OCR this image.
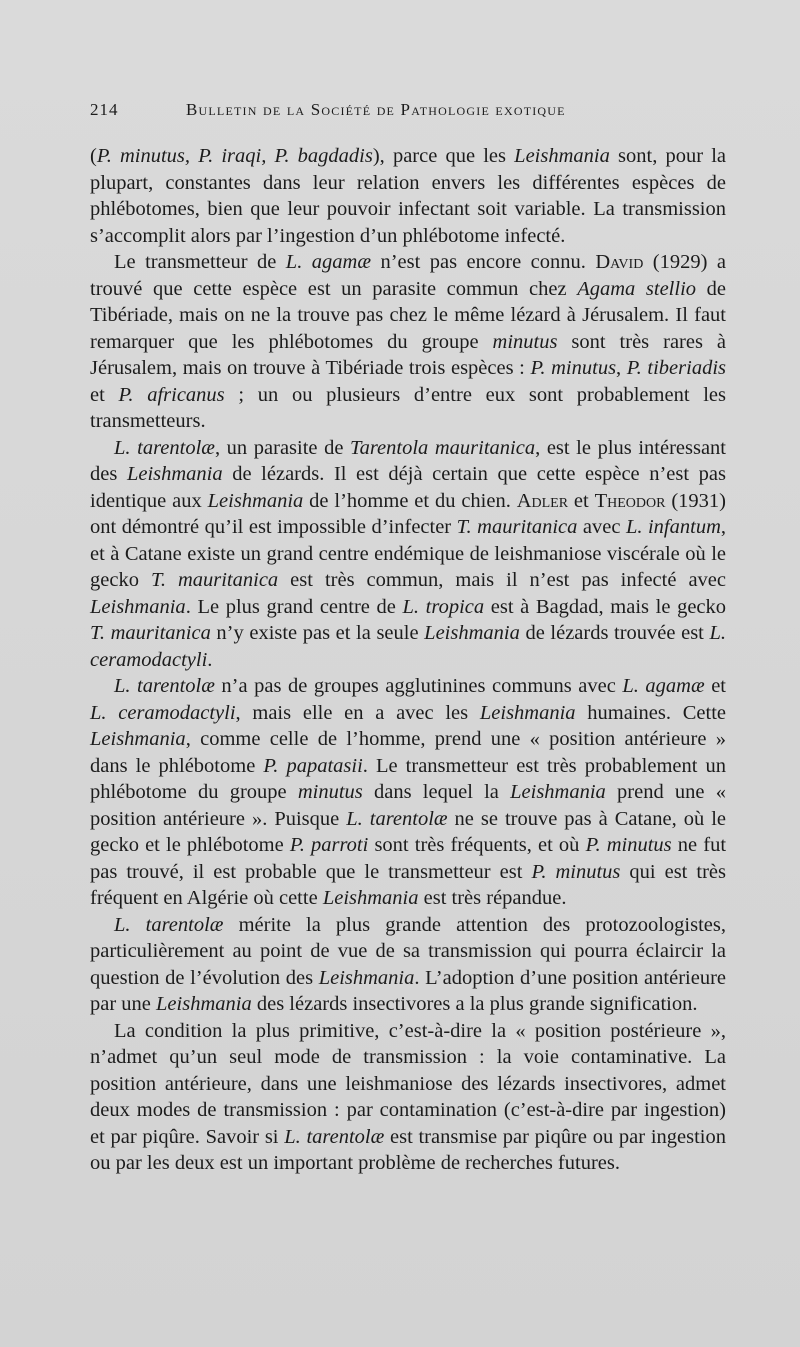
214	Bulletin de la Société de Pathologie exotique

(P. minutus, P. iraqi, P. bagdadis), parce que les Leishmania sont, pour la plupart, constantes dans leur relation envers les différentes espèces de phlébotomes, bien que leur pouvoir infectant soit variable. La transmission s’accomplit alors par l’ingestion d’un phlébotome infecté.

Le transmetteur de L. agamæ n’est pas encore connu. David (1929) a trouvé que cette espèce est un parasite commun chez Agama stellio de Tibériade, mais on ne la trouve pas chez le même lézard à Jérusalem. Il faut remarquer que les phlébotomes du groupe minutus sont très rares à Jérusalem, mais on trouve à Tibériade trois espèces : P. minutus, P. tiberiadis et P. africanus ; un ou plusieurs d’entre eux sont probablement les transmetteurs.

L. tarentolæ, un parasite de Tarentola mauritanica, est le plus intéressant des Leishmania de lézards. Il est déjà certain que cette espèce n’est pas identique aux Leishmania de l’homme et du chien. Adler et Theodor (1931) ont démontré qu’il est impossible d’infecter T. mauritanica avec L. infantum, et à Catane existe un grand centre endémique de leishmaniose viscérale où le gecko T. mauritanica est très commun, mais il n’est pas infecté avec Leishmania. Le plus grand centre de L. tropica est à Bagdad, mais le gecko T. mauritanica n’y existe pas et la seule Leishmania de lézards trouvée est L. ceramodactyli.

L. tarentolæ n’a pas de groupes agglutinines communs avec L. agamæ et L. ceramodactyli, mais elle en a avec les Leishmania humaines. Cette Leishmania, comme celle de l’homme, prend une « position antérieure » dans le phlébotome P. papatasii. Le transmetteur est très probablement un phlébotome du groupe minutus dans lequel la Leishmania prend une « position antérieure ». Puisque L. tarentolæ ne se trouve pas à Catane, où le gecko et le phlébotome P. parroti sont très fréquents, et où P. minutus ne fut pas trouvé, il est probable que le transmetteur est P. minutus qui est très fréquent en Algérie où cette Leishmania est très répandue.

L. tarentolæ mérite la plus grande attention des protozoologistes, particulièrement au point de vue de sa transmission qui pourra éclaircir la question de l’évolution des Leishmania. L’adoption d’une position antérieure par une Leishmania des lézards insectivores a la plus grande signification.

La condition la plus primitive, c’est-à-dire la « position postérieure », n’admet qu’un seul mode de transmission : la voie contaminative. La position antérieure, dans une leishmaniose des lézards insectivores, admet deux modes de transmission : par contamination (c’est-à-dire par ingestion) et par piqûre. Savoir si L. tarentolæ est transmise par piqûre ou par ingestion ou par les deux est un important problème de recherches futures.
